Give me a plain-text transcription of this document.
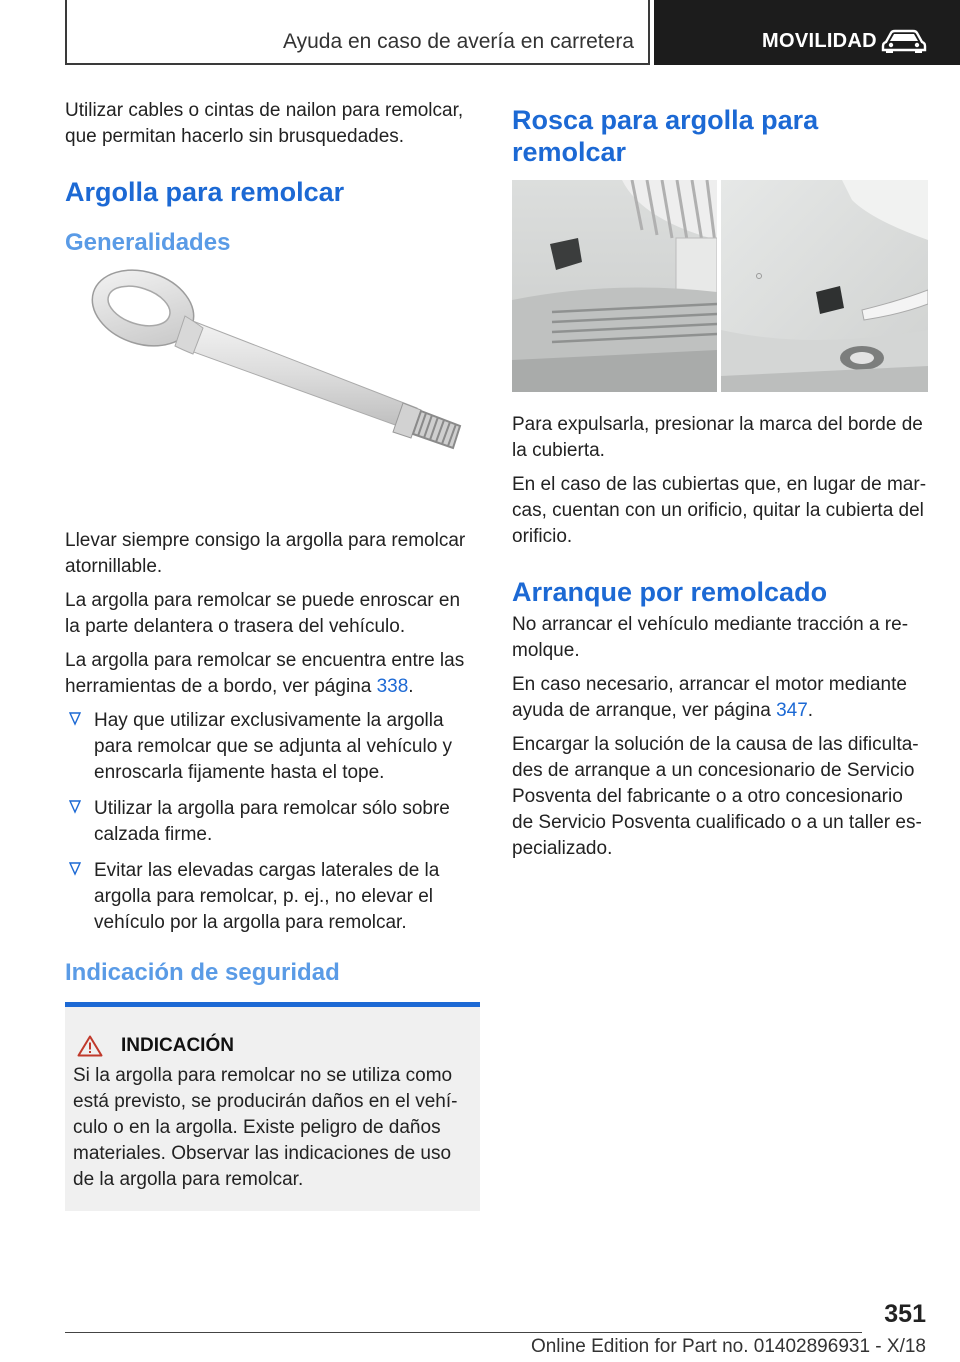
Ayuda en caso de avería en carretera	MOVILIDAD

Utilizar cables o cintas de nailon para remolcar, que permitan hacerlo sin brusquedades.

Argolla para remolcar
Generalidades

Llevar siempre consigo la argolla para remolcar atornillable.

La argolla para remolcar se puede enroscar en la parte delantera o trasera del vehículo.

La argolla para remolcar se encuentra entre las herramientas de a bordo, ver página 338.

Hay que utilizar exclusivamente la argolla para remolcar que se adjunta al vehículo y enroscarla fijamente hasta el tope.
Utilizar la argolla para remolcar sólo sobre calzada firme.
Evitar las elevadas cargas laterales de la argolla para remolcar, p. ej., no elevar el vehículo por la argolla para remolcar.
Indicación de seguridad
INDICACIÓN

Si la argolla para remolcar no se utiliza como está previsto, se producirán daños en el vehículo o en la argolla. Existe peligro de daños materiales. Observar las indicaciones de uso de la argolla para remolcar.

Rosca para argolla para remolcar

Para expulsarla, presionar la marca del borde de la cubierta.

En el caso de las cubiertas que, en lugar de marcas, cuentan con un orificio, quitar la cubierta del orificio.

Arranque por remolcado

No arrancar el vehículo mediante tracción a remolque.

En caso necesario, arrancar el motor mediante ayuda de arranque, ver página 347.

Encargar la solución de la causa de las dificultades de arranque a un concesionario de Servicio Posventa del fabricante o a otro concesionario de Servicio Posventa cualificado o a un taller especializado.

351
Online Edition for Part no. 01402896931 - X/18
